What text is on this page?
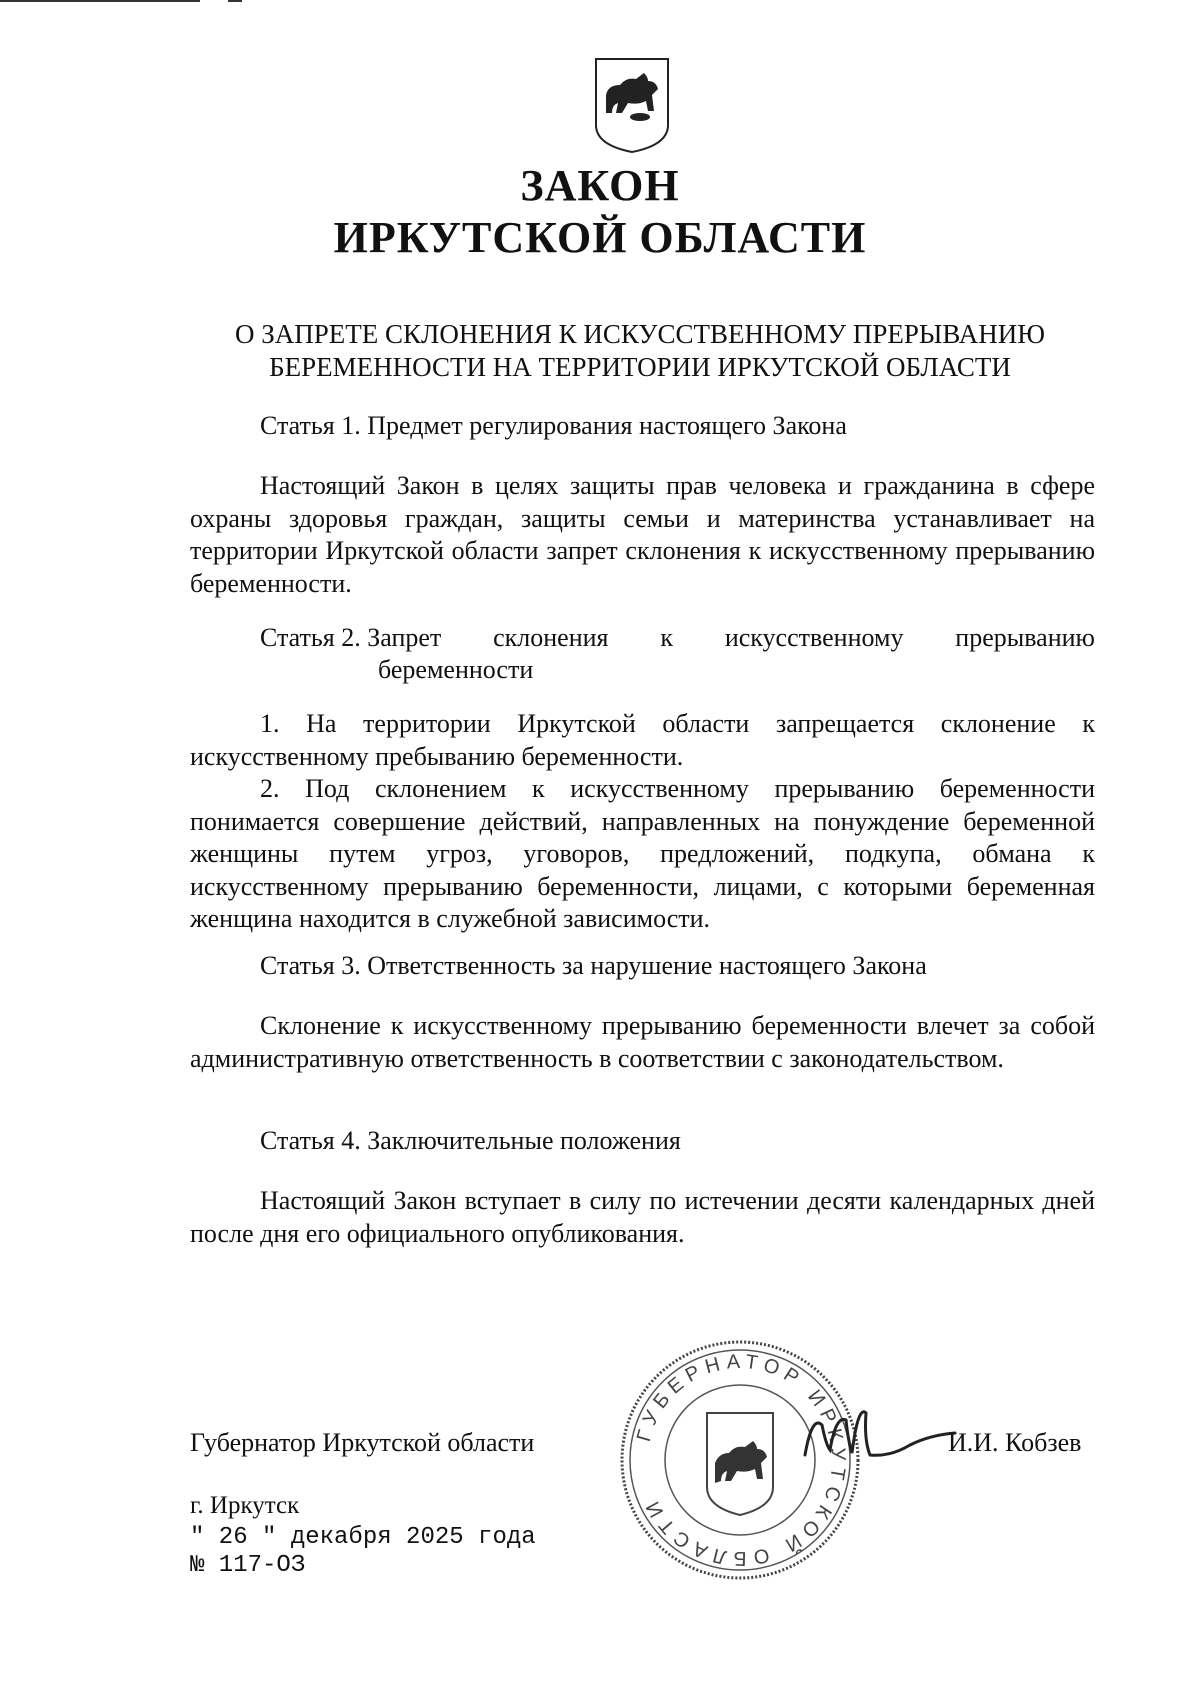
ЗАКОН
ИРКУТСКОЙ ОБЛАСТИ

О ЗАПРЕТЕ СКЛОНЕНИЯ К ИСКУССТВЕННОМУ ПРЕРЫВАНИЮ

БЕРЕМЕННОСТИ НА ТЕРРИТОРИИ ИРКУТСКОЙ ОБЛАСТИ

Статья 1. Предмет регулирования настоящего Закона

Настоящий Закон в целях защиты прав человека и гражданина в сфере охраны здоровья граждан, защиты семьи и материнства устанавливает на территории Иркутской области запрет склонения к искусственному прерыванию беременности.

Статья 2. Запрет склонения к искусственному прерыванию
беременности

1. На территории Иркутской области запрещается склонение к искусственному пребыванию беременности.

2. Под склонением к искусственному прерыванию беременности понимается совершение действий, направленных на понуждение беременной женщины путем угроз, уговоров, предложений, подкупа, обмана к искусственному прерыванию беременности, лицами, с которыми беременная женщина находится в служебной зависимости.

Статья 3. Ответственность за нарушение настоящего Закона

Склонение к искусственному прерыванию беременности влечет за собой административную ответственность в соответствии с законодательством.

Статья 4. Заключительные положения

Настоящий Закон вступает в силу по истечении десяти календарных дней после дня его официального опубликования.

ГУБЕРНАТОР ИРКУТСКОЙ ОБЛАСТИ

Губернатор Иркутской области	И.И. Кобзев

г. Иркутск

" 26 " декабря 2025 года

№ 117-ОЗ
